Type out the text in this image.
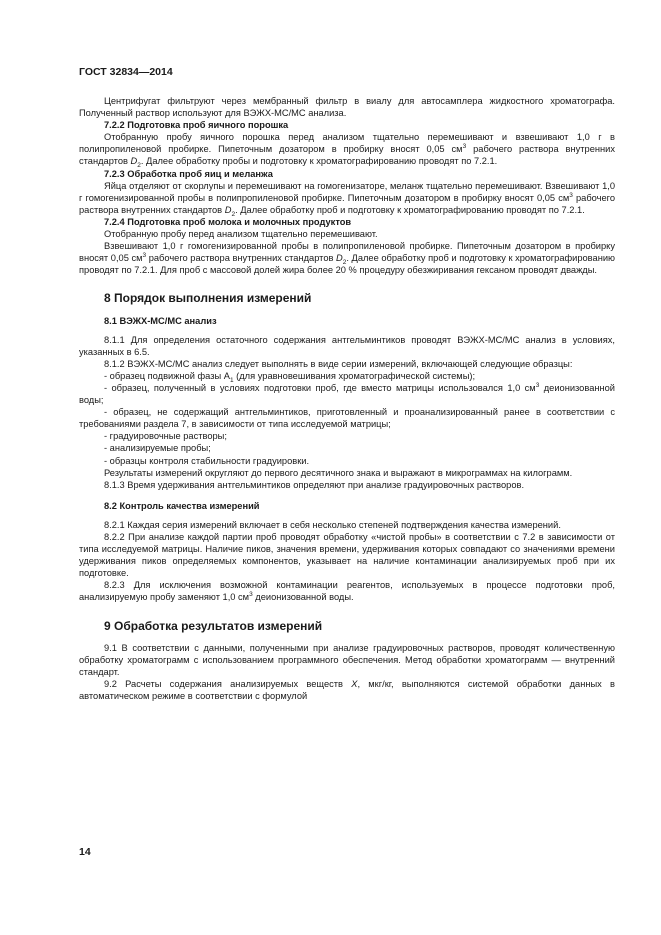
ГОСТ 32834—2014

Центрифугат фильтруют через мембранный фильтр в виалу для автосамплера жидкостного хроматографа. Полученный раствор используют для ВЭЖХ-МС/МС анализа.

7.2.2 Подготовка проб яичного порошка

Отобранную пробу яичного порошка перед анализом тщательно перемешивают и взвешивают 1,0 г в полипропиленовой пробирке. Пипеточным дозатором в пробирку вносят 0,05 $см^3$ рабочего раствора внутренних стандартов $D_2$. Далее обработку пробы и подготовку к хроматографированию проводят по 7.2.1.

7.2.3 Обработка проб яиц и меланжа

Яйца отделяют от скорлупы и перемешивают на гомогенизаторе, меланж тщательно перемешивают. Взвешивают 1,0 г гомогенизированной пробы в полипропиленовой пробирке. Пипеточным дозатором в пробирку вносят 0,05 $см^3$ рабочего раствора внутренних стандартов $D_2$. Далее обработку проб и подготовку к хроматографированию проводят по 7.2.1.

7.2.4 Подготовка проб молока и молочных продуктов

Отобранную пробу перед анализом тщательно перемешивают.

Взвешивают 1,0 г гомогенизированной пробы в полипропиленовой пробирке. Пипеточным дозатором в пробирку вносят 0,05 $см^3$ рабочего раствора внутренних стандартов $D_2$. Далее обработку проб и подготовку к хроматографированию проводят по 7.2.1. Для проб с массовой долей жира более 20 % процедуру обезжиривания гексаном проводят дважды.

8 Порядок выполнения измерений
8.1 ВЭЖХ-МС/МС анализ

8.1.1 Для определения остаточного содержания антгельминтиков проводят ВЭЖХ-МС/МС анализ в условиях, указанных в 6.5.

8.1.2 ВЭЖХ-МС/МС анализ следует выполнять в виде серии измерений, включающей следующие образцы:

- образец подвижной фазы $А_1$ (для уравновешивания хроматографической системы);

- образец, полученный в условиях подготовки проб, где вместо матрицы использовался 1,0 $см^3$ деионизованной воды;

- образец, не содержащий антгельминтиков, приготовленный и проанализированный ранее в соответствии с требованиями раздела 7, в зависимости от типа исследуемой матрицы;

- градуировочные растворы;

- анализируемые пробы;

- образцы контроля стабильности градуировки.

Результаты измерений округляют до первого десятичного знака и выражают в микрограммах на килограмм.

8.1.3 Время удерживания антгельминтиков определяют при анализе градуировочных растворов.

8.2 Контроль качества измерений

8.2.1 Каждая серия измерений включает в себя несколько степеней подтверждения качества измерений.

8.2.2 При анализе каждой партии проб проводят обработку «чистой пробы» в соответствии с 7.2 в зависимости от типа исследуемой матрицы. Наличие пиков, значения времени, удерживания которых совпадают со значениями времени удерживания пиков определяемых компонентов, указывает на наличие контаминации анализируемых проб при их подготовке.

8.2.3 Для исключения возможной контаминации реагентов, используемых в процессе подготовки проб, анализируемую пробу заменяют 1,0 $см^3$ деионизованной воды.

9 Обработка результатов измерений

9.1 В соответствии с данными, полученными при анализе градуировочных растворов, проводят количественную обработку хроматограмм с использованием программного обеспечения. Метод обработки хроматограмм — внутренний стандарт.

9.2 Расчеты содержания анализируемых веществ X, мкг/кг, выполняются системой обработки данных в автоматическом режиме в соответствии с формулой

14
